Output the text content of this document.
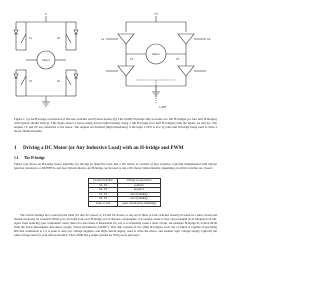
V
Motor
S1	S2
S3	S4
+V
Motor
1A	2A
1Y	2Y
1,2EN
Figure 1: (a) An H-bridge constructed of discrete switches and flyback diodes; (b) The L293D H-bridge chip provides two full H-bridges (or four half H-bridges) with flyback diodes built in. This figure shows a motor being driven bidirectionally using a full H-bridge (two half H-bridges) with the inputs 1A and 2A. The outputs 1Y and 2Y are connected to the motor. The outputs are disabled (high impedance) if the input 1,2EN is low. (c) One half H-bridge being used to drive a motor unidirectionally.
1 Driving a DC Motor (or Any Inductive Load) with an H-bridge and PWM
1.1 The H-bridge
Figure 1(a) shows an H-bridge motor amplifier for driving an inductive load, like a DC motor. It consists of four switches, typically implemented with bipolar junction transistors or MOSFETs, and four flyback diodes. An H-bridge can be used to run a DC motor bidirectionally, depending on which switches are closed:
Closed switches	Voltage across motor
S1, S4	positive
S2, S3	negative
S1, S3	zero (braking)
S2, S4	zero (braking)
none or one	open circuit (free-wheeling)
The switch settings not covered in the table (S1 and S2 closed, or S3 and S4 closed, or any set of three or four switches closed) all result in a short circuit and should obviously be avoided! While you can build your own H-bridge out of discrete components, it is usually easier to buy one packaged in an integrated circuit. Apart from reducing your component count, these ICs also make it impossible for you to accidentally cause a short circuit. An example H-bridge IC is the L293D from the Texas Instruments data sheet, google "Texas Instruments L293D"). This chip consists of two (full) H-bridges, each one of which is capable of providing 600 mA continuous at 1.2 A peak. It uses two voltage supplies: one high-current supply, used to drive the motor, and another logic voltage supply, typically the same voltage used for your microcontroller. The L293D has a single ground for both power and logic.
